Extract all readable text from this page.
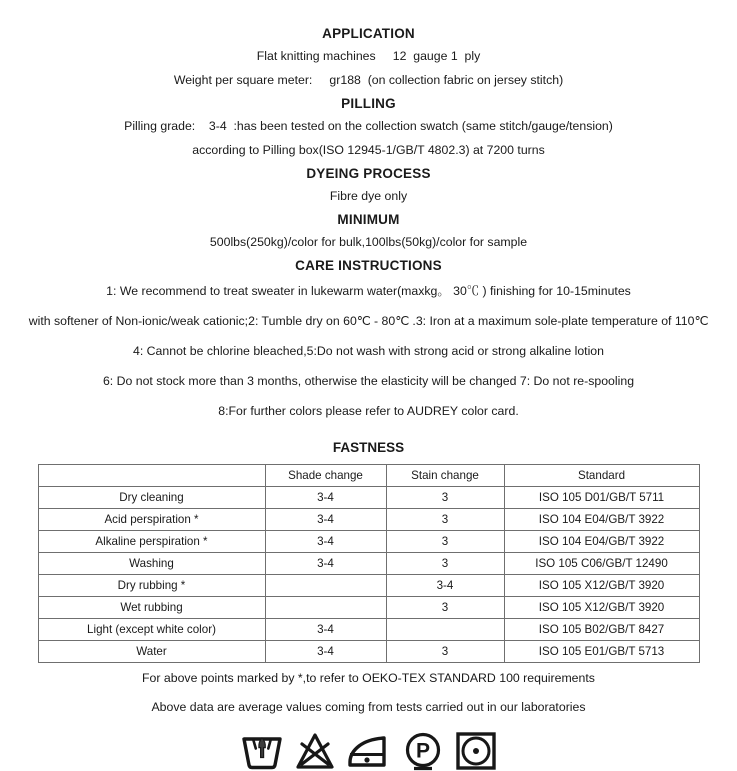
APPLICATION
Flat knitting machines     12  gauge 1  ply
Weight per square meter:     gr188  (on collection fabric on jersey stitch)
PILLING
Pilling grade:    3-4  :has been tested on the collection swatch (same stitch/gauge/tension)
according to Pilling box(ISO 12945-1/GB/T 4802.3) at 7200 turns
DYEING PROCESS
Fibre dye only
MINIMUM
500lbs(250kg)/color for bulk,100lbs(50kg)/color for sample
CARE INSTRUCTIONS
1: We recommend to treat sweater in lukewarm water(maxkg。 30℃ ) finishing for 10-15minutes
with softener of Non-ionic/weak cationic;2: Tumble dry on 60℃ - 80℃ .3: Iron at a maximum sole-plate temperature of 110℃
4: Cannot be chlorine bleached,5:Do not wash with strong acid or strong alkaline lotion
6: Do not stock more than 3 months, otherwise the elasticity will be changed 7: Do not re-spooling
8:For further colors please refer to AUDREY color card.
FASTNESS
	Shade change	Stain change	Standard
Dry cleaning	3-4	3	ISO 105 D01/GB/T 5711
Acid perspiration *	3-4	3	ISO 104 E04/GB/T 3922
Alkaline perspiration *	3-4	3	ISO 104 E04/GB/T 3922
Washing	3-4	3	ISO 105 C06/GB/T 12490
Dry rubbing *		3-4	ISO 105 X12/GB/T 3920
Wet rubbing		3	ISO 105 X12/GB/T 3920
Light (except white color)	3-4		ISO 105 B02/GB/T 8427
Water	3-4	3	ISO 105 E01/GB/T 5713
For above points marked by *,to refer to OEKO-TEX STANDARD 100 requirements
Above data are average values coming from tests carried out in our laboratories
P
